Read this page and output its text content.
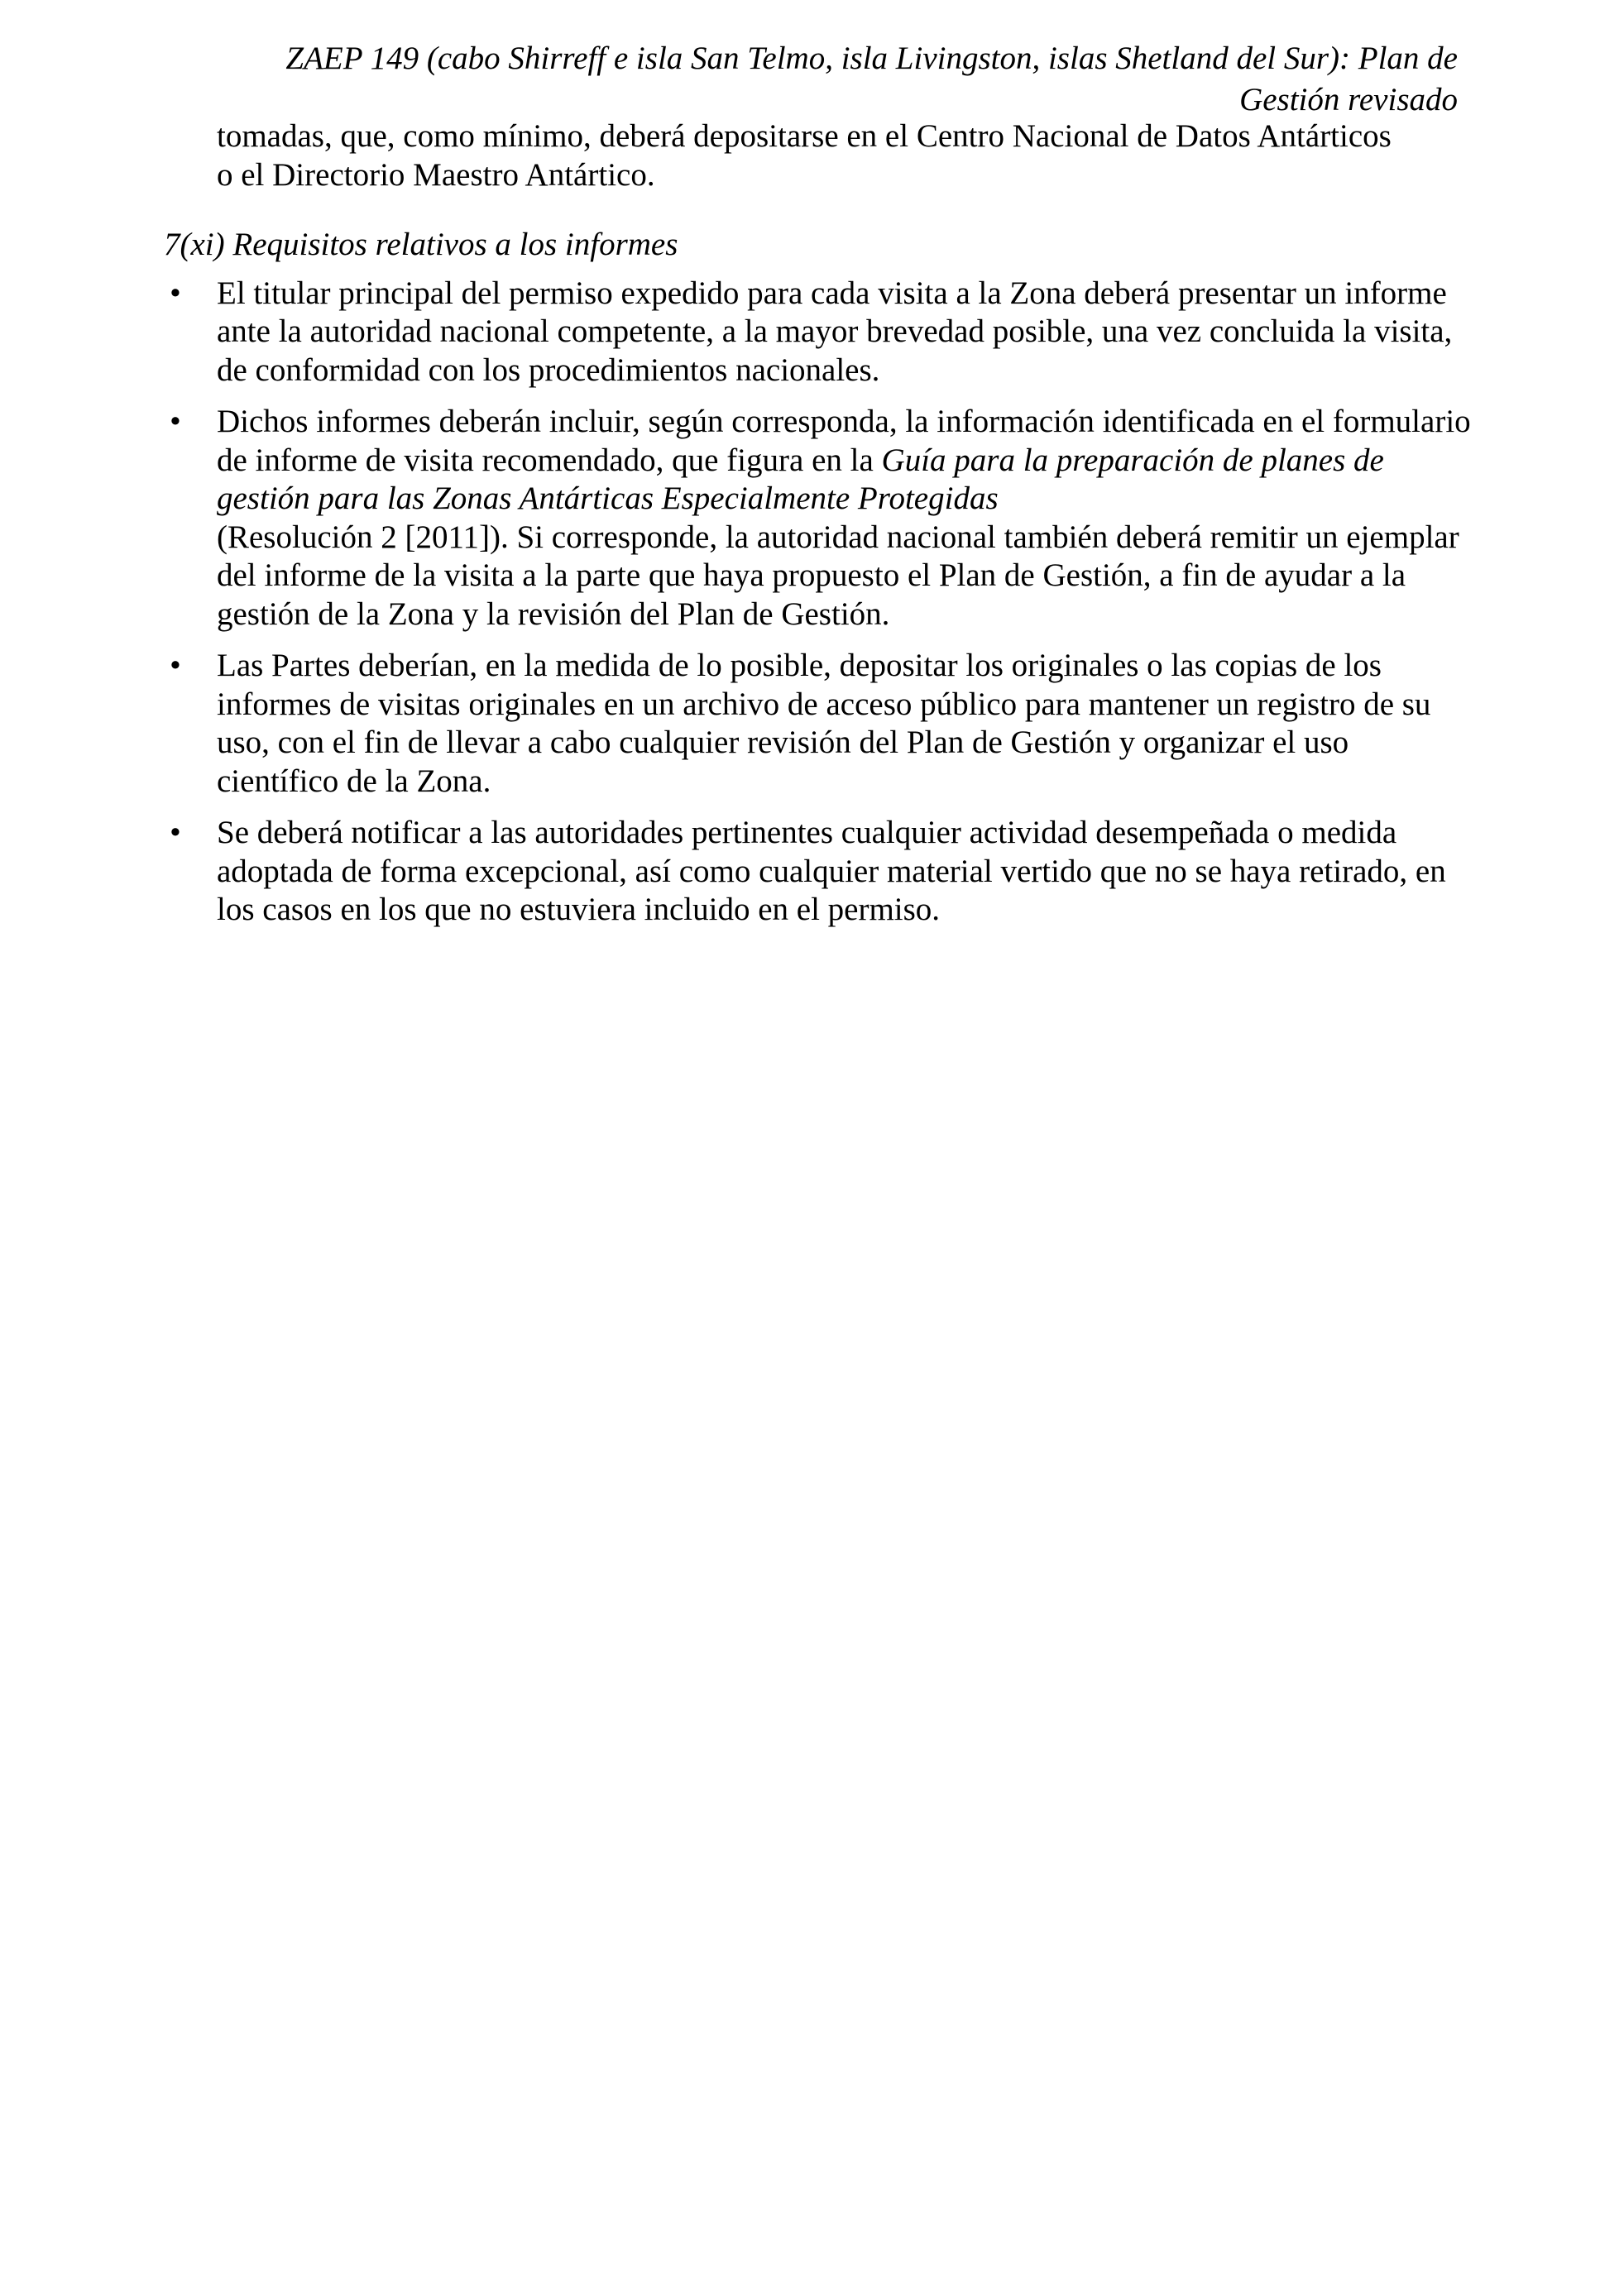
ZAEP 149 (cabo Shirreff e isla San Telmo, isla Livingston, islas Shetland del Sur): Plan de
Gestión revisado
tomadas, que, como mínimo, deberá depositarse en el Centro Nacional de Datos Antárticos
o el Directorio Maestro Antártico.
7(xi) Requisitos relativos a los informes
• El titular principal del permiso expedido para cada visita a la Zona deberá presentar un informe ante la autoridad nacional competente, a la mayor brevedad posible, una vez concluida la visita, de conformidad con los procedimientos nacionales.
• Dichos informes deberán incluir, según corresponda, la información identificada en el formulario de informe de visita recomendado, que figura en la Guía para la preparación de planes de gestión para las Zonas Antárticas Especialmente Protegidas
(Resolución 2 [2011]). Si corresponde, la autoridad nacional también deberá remitir un ejemplar del informe de la visita a la parte que haya propuesto el Plan de Gestión, a fin de ayudar a la gestión de la Zona y la revisión del Plan de Gestión.
• Las Partes deberían, en la medida de lo posible, depositar los originales o las copias de los informes de visitas originales en un archivo de acceso público para mantener un registro de su uso, con el fin de llevar a cabo cualquier revisión del Plan de Gestión y organizar el uso científico de la Zona.
• Se deberá notificar a las autoridades pertinentes cualquier actividad desempeñada o medida adoptada de forma excepcional, así como cualquier material vertido que no se haya retirado, en los casos en los que no estuviera incluido en el permiso.
